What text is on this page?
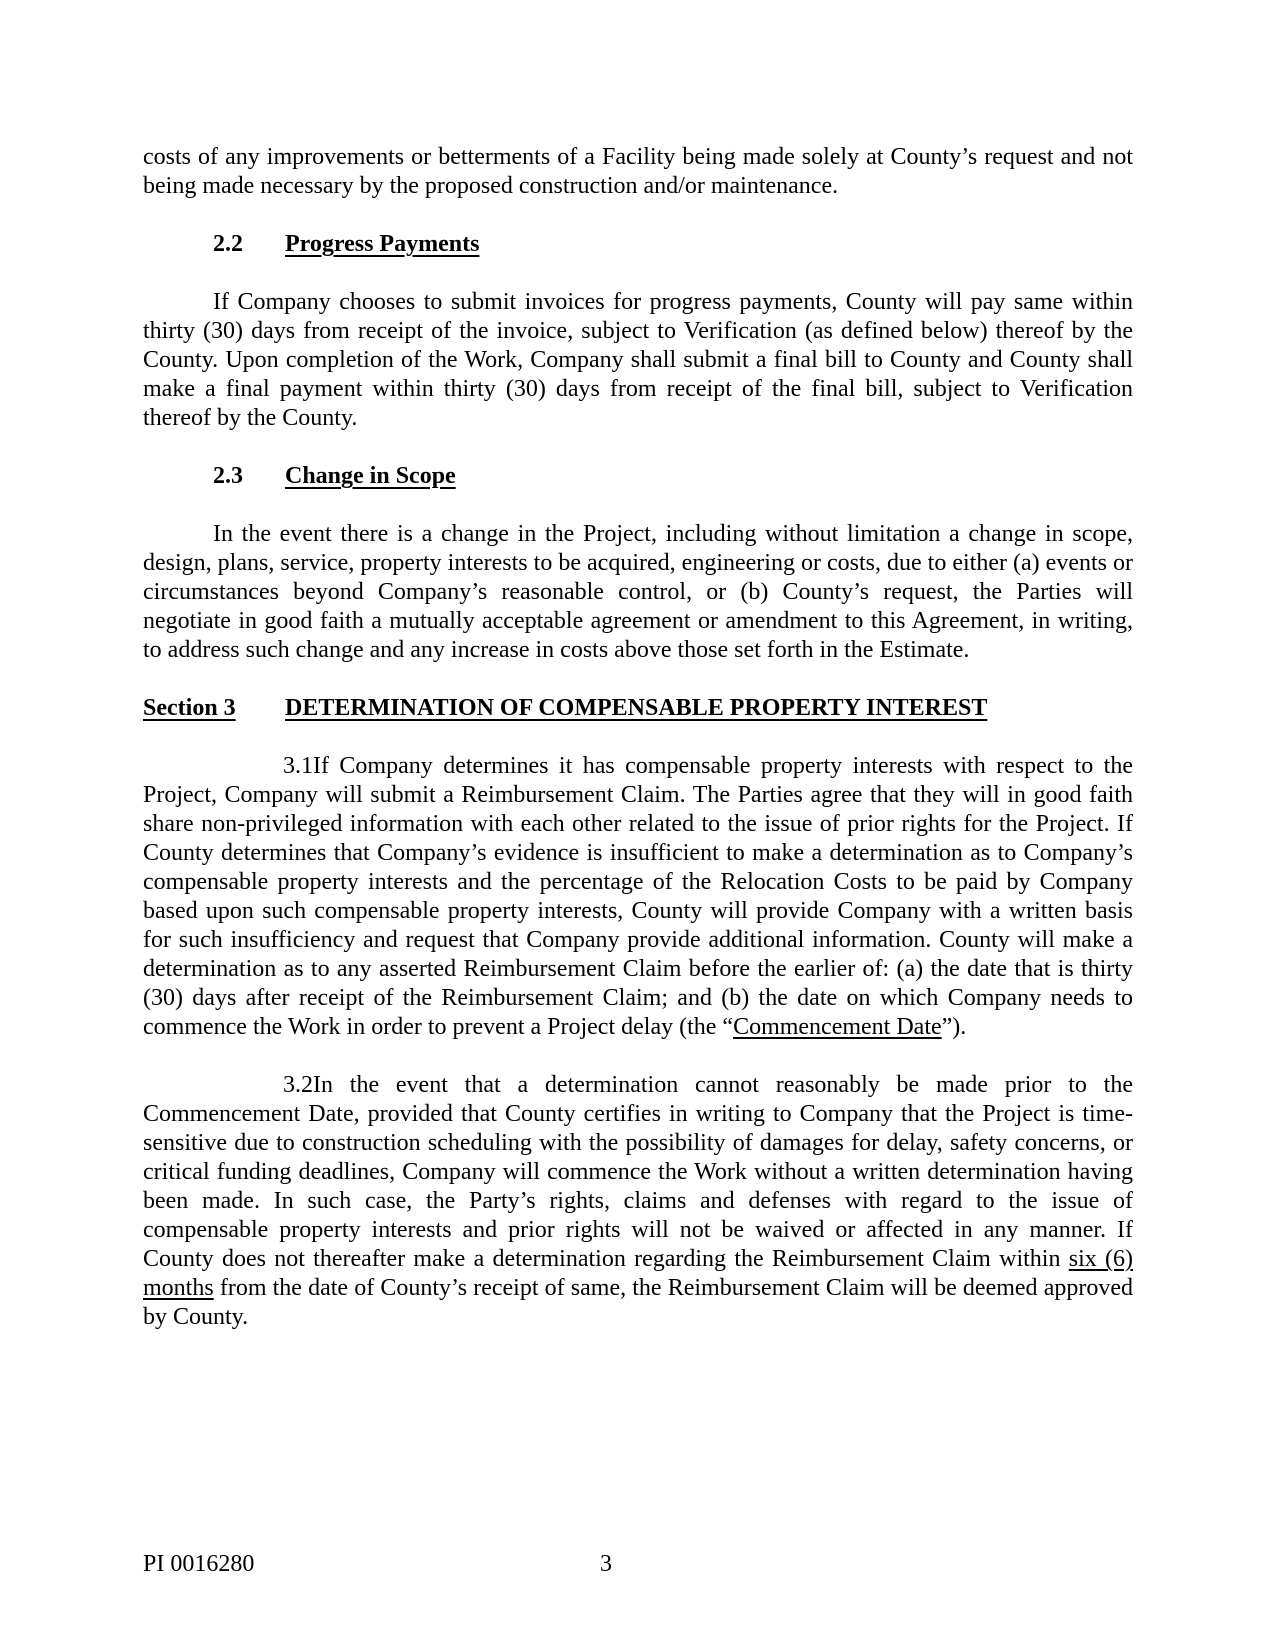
costs of any improvements or betterments of a Facility being made solely at County’s request and not being made necessary by the proposed construction and/or maintenance.

2.2 Progress Payments

If Company chooses to submit invoices for progress payments, County will pay same within thirty (30) days from receipt of the invoice, subject to Verification (as defined below) thereof by the County. Upon completion of the Work, Company shall submit a final bill to County and County shall make a final payment within thirty (30) days from receipt of the final bill, subject to Verification thereof by the County.

2.3 Change in Scope

In the event there is a change in the Project, including without limitation a change in scope, design, plans, service, property interests to be acquired, engineering or costs, due to either (a) events or circumstances beyond Company’s reasonable control, or (b) County’s request, the Parties will negotiate in good faith a mutually acceptable agreement or amendment to this Agreement, in writing, to address such change and any increase in costs above those set forth in the Estimate.

Section 3 DETERMINATION OF COMPENSABLE PROPERTY INTEREST

3.1If Company determines it has compensable property interests with respect to the Project, Company will submit a Reimbursement Claim. The Parties agree that they will in good faith share non-privileged information with each other related to the issue of prior rights for the Project. If County determines that Company’s evidence is insufficient to make a determination as to Company’s compensable property interests and the percentage of the Relocation Costs to be paid by Company based upon such compensable property interests, County will provide Company with a written basis for such insufficiency and request that Company provide additional information. County will make a determination as to any asserted Reimbursement Claim before the earlier of: (a) the date that is thirty (30) days after receipt of the Reimbursement Claim; and (b) the date on which Company needs to commence the Work in order to prevent a Project delay (the “Commencement Date”).

3.2In the event that a determination cannot reasonably be made prior to the Commencement Date, provided that County certifies in writing to Company that the Project is time-sensitive due to construction scheduling with the possibility of damages for delay, safety concerns, or critical funding deadlines, Company will commence the Work without a written determination having been made. In such case, the Party’s rights, claims and defenses with regard to the issue of compensable property interests and prior rights will not be waived or affected in any manner. If County does not thereafter make a determination regarding the Reimbursement Claim within six (6) months from the date of County’s receipt of same, the Reimbursement Claim will be deemed approved by County.

PI 0016280	3
